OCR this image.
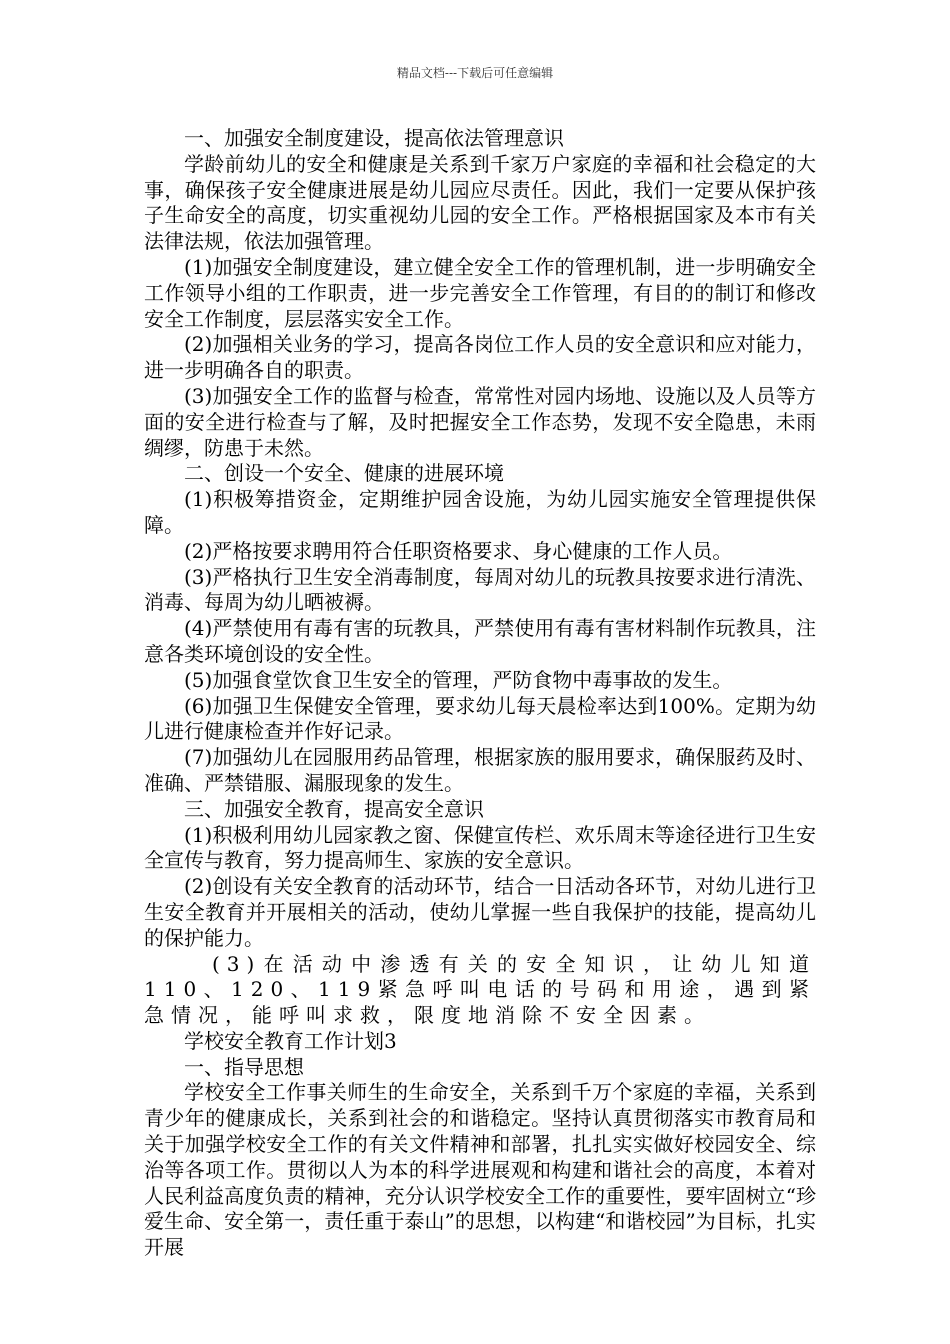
精品文档---下载后可任意编辑

一、加强安全制度建设，提高依法管理意识

学龄前幼儿的安全和健康是关系到千家万户家庭的幸福和社会稳定的大事，确保孩子安全健康进展是幼儿园应尽责任。因此，我们一定要从保护孩子生命安全的高度，切实重视幼儿园的安全工作。严格根据国家及本市有关法律法规，依法加强管理。

(1)加强安全制度建设，建立健全安全工作的管理机制，进一步明确安全工作领导小组的工作职责，进一步完善安全工作管理，有目的的制订和修改安全工作制度，层层落实安全工作。

(2)加强相关业务的学习，提高各岗位工作人员的安全意识和应对能力，进一步明确各自的职责。

(3)加强安全工作的监督与检查，常常性对园内场地、设施以及人员等方面的安全进行检查与了解，及时把握安全工作态势，发现不安全隐患，未雨绸缪，防患于未然。

二、创设一个安全、健康的进展环境

(1)积极筹措资金，定期维护园舍设施，为幼儿园实施安全管理提供保障。

(2)严格按要求聘用符合任职资格要求、身心健康的工作人员。

(3)严格执行卫生安全消毒制度，每周对幼儿的玩教具按要求进行清洗、消毒、每周为幼儿晒被褥。

(4)严禁使用有毒有害的玩教具，严禁使用有毒有害材料制作玩教具，注意各类环境创设的安全性。

(5)加强食堂饮食卫生安全的管理，严防食物中毒事故的发生。

(6)加强卫生保健安全管理，要求幼儿每天晨检率达到100%。定期为幼儿进行健康检查并作好记录。

(7)加强幼儿在园服用药品管理，根据家族的服用要求，确保服药及时、准确、严禁错服、漏服现象的发生。

三、加强安全教育，提高安全意识

(1)积极利用幼儿园家教之窗、保健宣传栏、欢乐周末等途径进行卫生安全宣传与教育，努力提高师生、家族的安全意识。

(2)创设有关安全教育的活动环节，结合一日活动各环节，对幼儿进行卫生安全教育并开展相关的活动，使幼儿掌握一些自我保护的技能，提高幼儿的保护能力。

(3)在活动中渗透有关的安全知识，让幼儿知道110、120、119紧急呼叫电话的号码和用途，遇到紧急情况，能呼叫求救，限度地消除不安全因素。

学校安全教育工作计划3

一、指导思想

学校安全工作事关师生的生命安全，关系到千万个家庭的幸福，关系到青少年的健康成长，关系到社会的和谐稳定。坚持认真贯彻落实市教育局和关于加强学校安全工作的有关文件精神和部署，扎扎实实做好校园安全、综治等各项工作。贯彻以人为本的科学进展观和构建和谐社会的高度，本着对人民利益高度负责的精神，充分认识学校安全工作的重要性，要牢固树立“珍爱生命、安全第一，责任重于泰山”的思想，以构建“和谐校园”为目标，扎实开展
